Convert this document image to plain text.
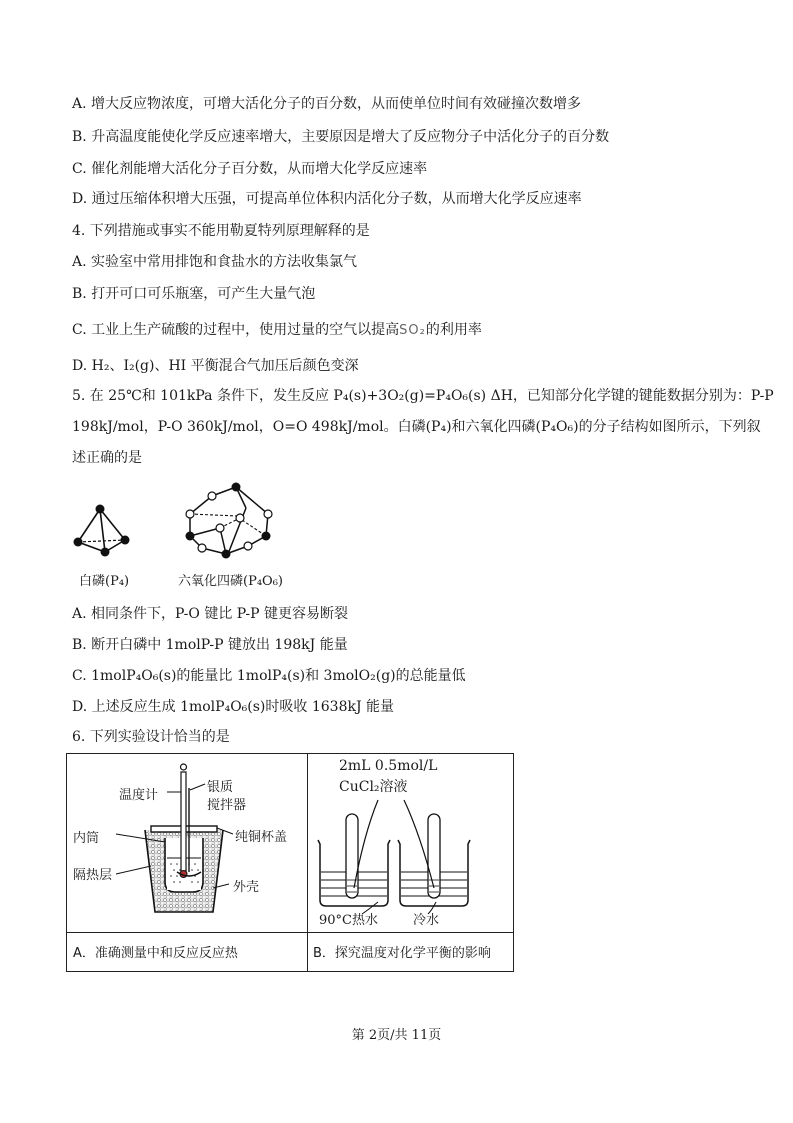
A. 增大反应物浓度，可增大活化分子的百分数，从而使单位时间有效碰撞次数增多
B. 升高温度能使化学反应速率增大，主要原因是增大了反应物分子中活化分子的百分数
C. 催化剂能增大活化分子百分数，从而增大化学反应速率
D. 通过压缩体积增大压强，可提高单位体积内活化分子数，从而增大化学反应速率
4. 下列措施或事实不能用勒夏特列原理解释的是
A. 实验室中常用排饱和食盐水的方法收集氯气
B. 打开可口可乐瓶塞，可产生大量气泡
C. 工业上生产硫酸的过程中，使用过量的空气以提高SO₂的利用率
D. H₂、I₂(g)、HI 平衡混合气加压后颜色变深
5. 在 25℃和 101kPa 条件下，发生反应 P₄(s)+3O₂(g)=P₄O₆(s) ΔH，已知部分化学键的键能数据分别为：P-P
198kJ/mol，P-O 360kJ/mol，O=O 498kJ/mol。白磷(P₄)和六氧化四磷(P₄O₆)的分子结构如图所示，下列叙
述正确的是
白磷(P₄)	六氧化四磷(P₄O₆)
A. 相同条件下，P-O 键比 P-P 键更容易断裂
B. 断开白磷中 1molP-P 键放出 198kJ 能量
C. 1molP₄O₆(s)的能量比 1molP₄(s)和 3molO₂(g)的总能量低
D. 上述反应生成 1molP₄O₆(s)时吸收 1638kJ 能量
6. 下列实验设计恰当的是
温度计
银质
搅拌器
内筒	纯铜杯盖
隔热层
外壳
A．准确测量中和反应反应热
2mL 0.5mol/L
CuCl₂溶液
90°C热水	冷水
B．探究温度对化学平衡的影响
第 2页/共 11页
